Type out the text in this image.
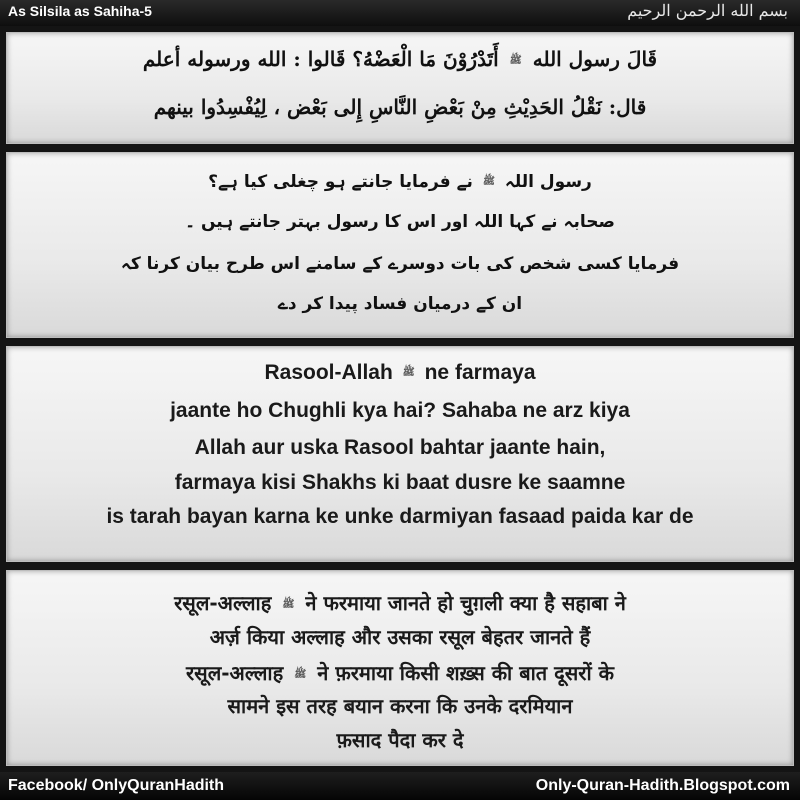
As Silsila as Sahiha-5	بسم الله الرحمن الرحيم
قَالَ رسول الله ﷺ أَتَدْرُوْنَ مَا الْعَضْهُ؟ قَالوا : الله ورسوله أعلم
قال: نَقْلُ الحَدِيْثِ مِنْ بَعْضِ النَّاسِ إِلى بَعْض ، لِيُفْسِدُوا بينهم
رسول اللہ ﷺ نے فرمایا جانتے ہو چغلی کیا ہے؟
صحابہ نے کہا اللہ اور اس کا رسول بہتر جانتے ہیں ۔
فرمایا کسی شخص کی بات دوسرے کے سامنے اس طرح بیان کرنا کہ
ان کے درمیان فساد پیدا کر دے
Rasool-Allah ﷺ ne farmaya
jaante ho Chughli kya hai? Sahaba ne arz kiya
Allah aur uska Rasool bahtar jaante hain,
farmaya kisi Shakhs ki baat dusre ke saamne
is tarah bayan karna ke unke darmiyan fasaad paida kar de
रसूल-अल्लाह ﷺ ने फरमाया जानते हो चुग़ली क्या है सहाबा ने
अर्ज़ किया अल्लाह और उसका रसूल बेहतर जानते हैं
रसूल-अल्लाह ﷺ ने फ़रमाया किसी शख़्स की बात दूसरों के
सामने इस तरह बयान करना कि उनके दरमियान
फ़साद पैदा कर दे
Facebook/ OnlyQuranHadith	Only-Quran-Hadith.Blogspot.com
